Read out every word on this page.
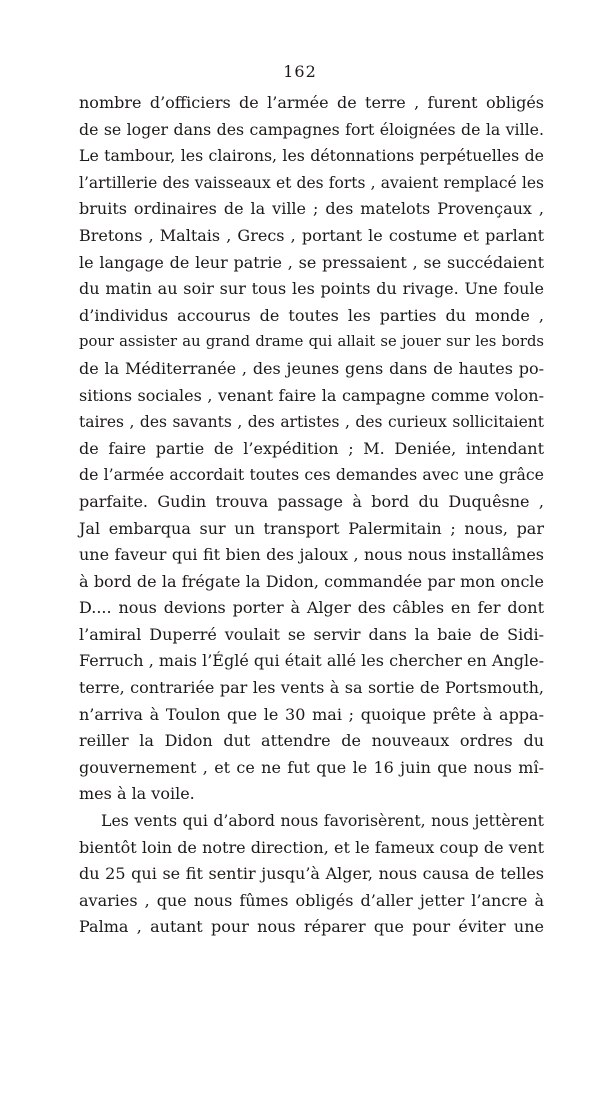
162
nombre d’officiers de l’armée de terre , furent obligés
de se loger dans des campagnes fort éloignées de la ville.
Le tambour, les clairons, les détonnations perpétuelles de
l’artillerie des vaisseaux et des forts , avaient remplacé les
bruits ordinaires de la ville ; des matelots Provençaux ,
Bretons , Maltais , Grecs , portant le costume et parlant
le langage de leur patrie , se pressaient , se succédaient
du matin au soir sur tous les points du rivage. Une foule
d’individus accourus de toutes les parties du monde ,
pour assister au grand drame qui allait se jouer sur les bords
de la Méditerranée , des jeunes gens dans de hautes po-
sitions sociales , venant faire la campagne comme volon-
taires , des savants , des artistes , des curieux sollicitaient
de faire partie de l’expédition ; M. Deniée, intendant
de l’armée accordait toutes ces demandes avec une grâce
parfaite. Gudin trouva passage à bord du Duquêsne ,
Jal embarqua sur un transport Palermitain ; nous, par
une faveur qui fit bien des jaloux , nous nous installâmes
à bord de la frégate la Didon, commandée par mon oncle
D.... nous devions porter à Alger des câbles en fer dont
l’amiral Duperré voulait se servir dans la baie de Sidi-
Ferruch , mais l’Églé qui était allé les chercher en Angle-
terre, contrariée par les vents à sa sortie de Portsmouth,
n’arriva à Toulon que le 30 mai ; quoique prête à appa-
reiller la Didon dut attendre de nouveaux ordres du
gouvernement , et ce ne fut que le 16 juin que nous mî-
mes à la voile.
Les vents qui d’abord nous favorisèrent, nous jettèrent
bientôt loin de notre direction, et le fameux coup de vent
du 25 qui se fit sentir jusqu’à Alger, nous causa de telles
avaries , que nous fûmes obligés d’aller jetter l’ancre à
Palma , autant pour nous réparer que pour éviter une
